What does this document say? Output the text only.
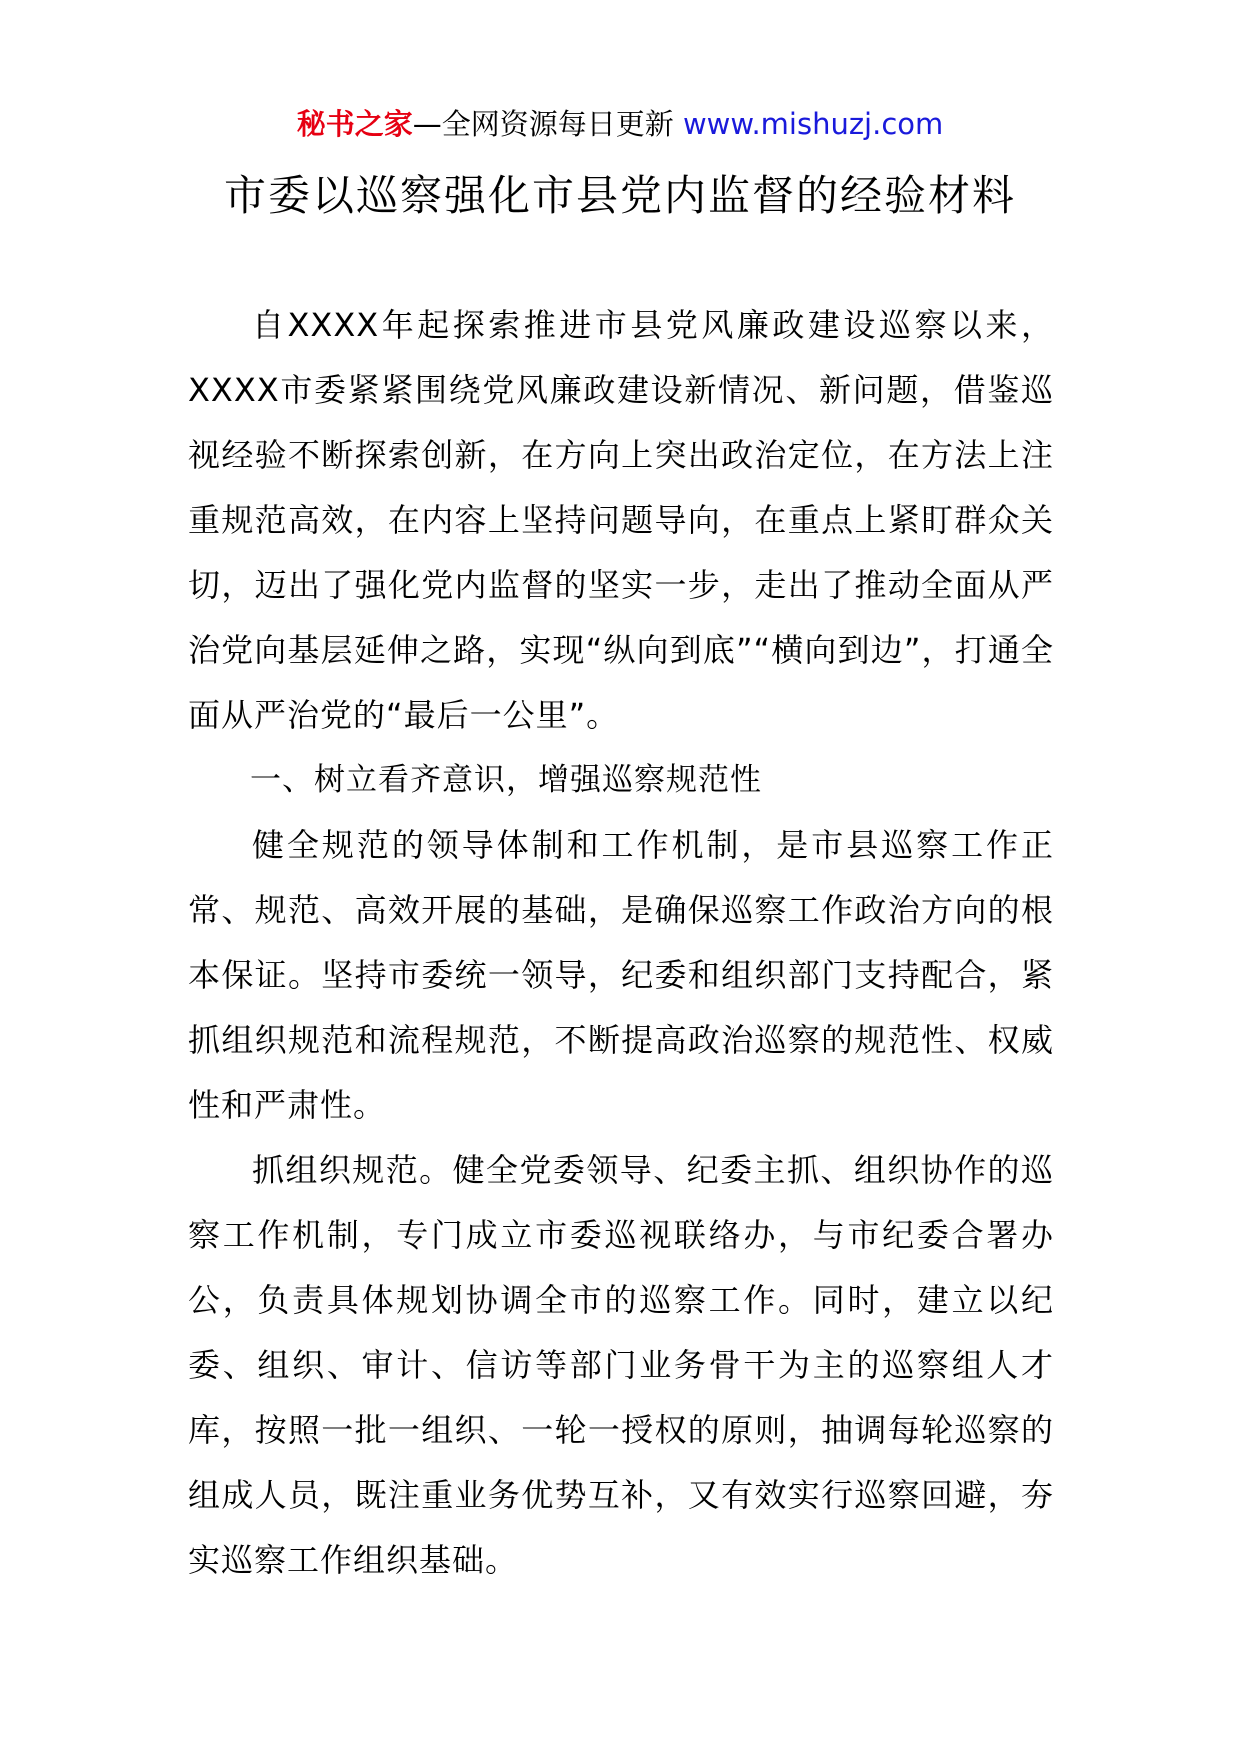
秘书之家—全网资源每日更新 www.mishuzj.com
市委以巡察强化市县党内监督的经验材料

自XXXX年起探索推进市县党风廉政建设巡察以来，XXXX市委紧紧围绕党风廉政建设新情况、新问题，借鉴巡视经验不断探索创新，在方向上突出政治定位，在方法上注重规范高效，在内容上坚持问题导向，在重点上紧盯群众关切，迈出了强化党内监督的坚实一步，走出了推动全面从严治党向基层延伸之路，实现“纵向到底”“横向到边”，打通全面从严治党的“最后一公里”。

一、树立看齐意识，增强巡察规范性

健全规范的领导体制和工作机制，是市县巡察工作正常、规范、高效开展的基础，是确保巡察工作政治方向的根本保证。坚持市委统一领导，纪委和组织部门支持配合，紧抓组织规范和流程规范，不断提高政治巡察的规范性、权威性和严肃性。

抓组织规范。健全党委领导、纪委主抓、组织协作的巡察工作机制，专门成立市委巡视联络办，与市纪委合署办公，负责具体规划协调全市的巡察工作。同时，建立以纪委、组织、审计、信访等部门业务骨干为主的巡察组人才库，按照一批一组织、一轮一授权的原则，抽调每轮巡察的组成人员，既注重业务优势互补，又有效实行巡察回避，夯实巡察工作组织基础。
